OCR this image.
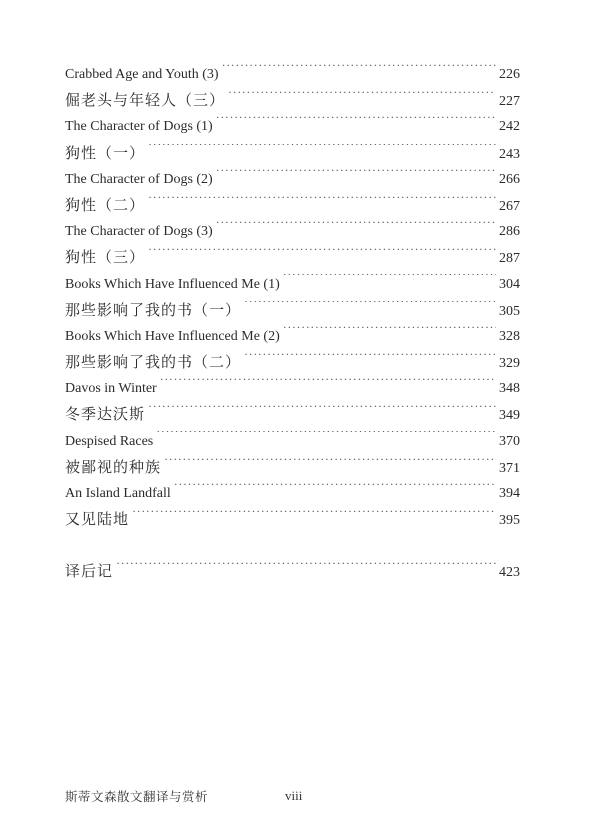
Crabbed Age and Youth (3) ·····	226
倔老头与年轻人（三） ·····	227
The Character of Dogs (1) ·····	242
狗性（一） ·····	243
The Character of Dogs (2) ·····	266
狗性（二） ·····	267
The Character of Dogs (3) ·····	286
狗性（三） ·····	287
Books Which Have Influenced Me (1) ·····	304
那些影响了我的书（一） ·····	305
Books Which Have Influenced Me (2) ·····	328
那些影响了我的书（二） ·····	329
Davos in Winter ·····	348
冬季达沃斯 ·····	349
Despised Races ·····	370
被鄙视的种族 ·····	371
An Island Landfall ·····	394
又见陆地 ·····	395
译后记 ·····	423
斯蒂文森散文翻译与赏析	viii
